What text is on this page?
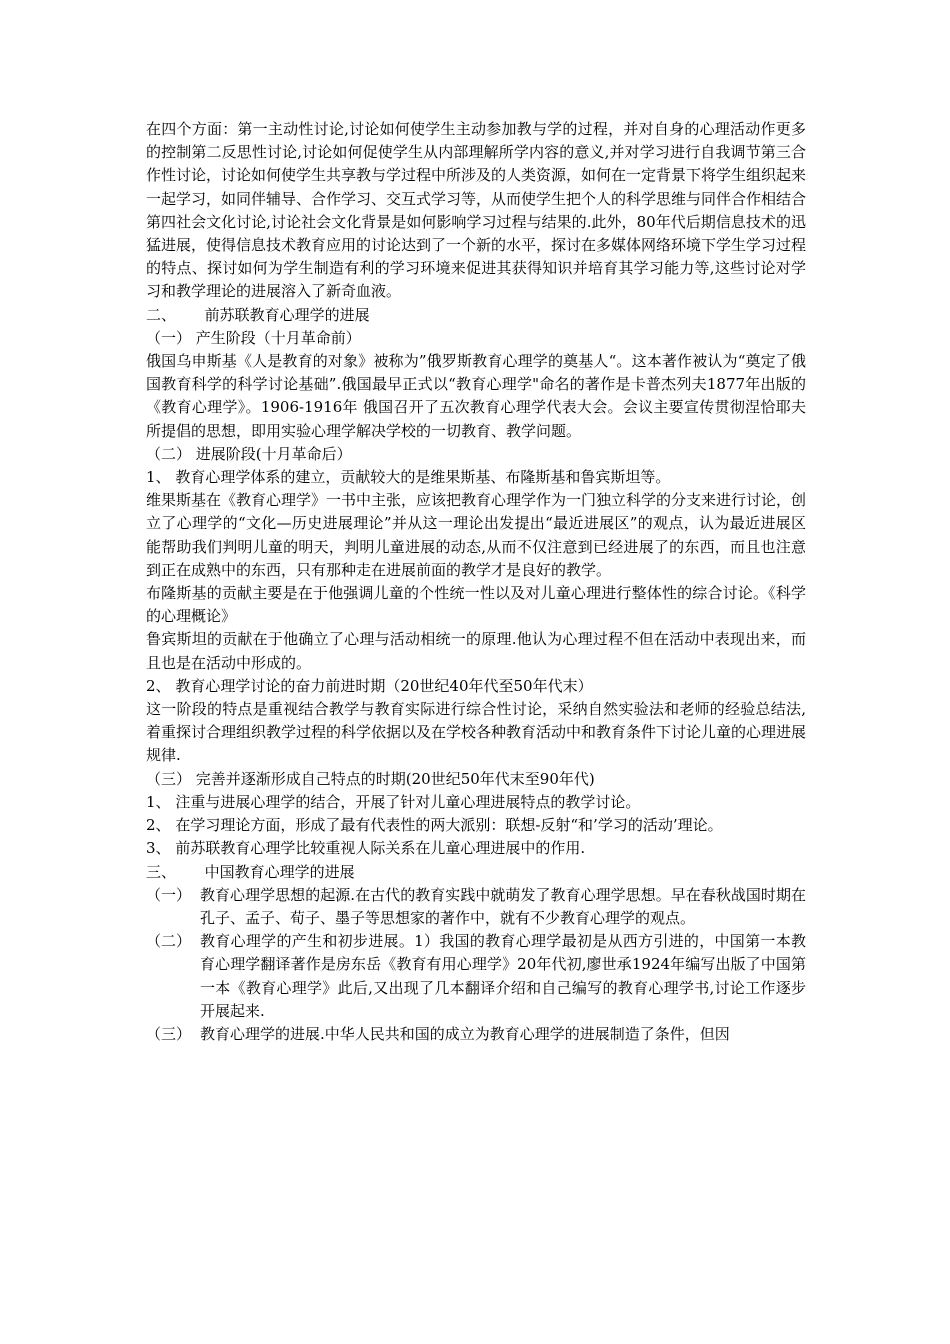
在四个方面：第一主动性讨论,讨论如何使学生主动参加教与学的过程，并对自身的心理活动作更多的控制第二反思性讨论,讨论如何促使学生从内部理解所学内容的意义,并对学习进行自我调节第三合作性讨论，讨论如何使学生共享教与学过程中所涉及的人类资源，如何在一定背景下将学生组织起来一起学习，如同伴辅导、合作学习、交互式学习等，从而使学生把个人的科学思维与同伴合作相结合第四社会文化讨论,讨论社会文化背景是如何影响学习过程与结果的.此外，80年代后期信息技术的迅猛进展，使得信息技术教育应用的讨论达到了一个新的水平，探讨在多媒体网络环境下学生学习过程的特点、探讨如何为学生制造有利的学习环境来促进其获得知识并培育其学习能力等,这些讨论对学习和教学理论的进展溶入了新奇血液。

二、      前苏联教育心理学的进展

（一） 产生阶段（十月革命前）

俄国乌申斯基《人是教育的对象》被称为”俄罗斯教育心理学的奠基人“。这本著作被认为“奠定了俄国教育科学的科学讨论基础”.俄国最早正式以“教育心理学"命名的著作是卡普杰列夫1877年出版的《教育心理学》。1906-1916年 俄国召开了五次教育心理学代表大会。会议主要宣传贯彻涅恰耶夫所提倡的思想，即用实验心理学解决学校的一切教育、教学问题。

（二） 进展阶段(十月革命后）

1、 教育心理学体系的建立，贡献较大的是维果斯基、布隆斯基和鲁宾斯坦等。

维果斯基在《教育心理学》一书中主张，应该把教育心理学作为一门独立科学的分支来进行讨论，创立了心理学的“文化—历史进展理论”并从这一理论出发提出“最近进展区”的观点，认为最近进展区能帮助我们判明儿童的明天，判明儿童进展的动态,从而不仅注意到已经进展了的东西，而且也注意到正在成熟中的东西，只有那种走在进展前面的教学才是良好的教学。

布隆斯基的贡献主要是在于他强调儿童的个性统一性以及对儿童心理进行整体性的综合讨论。《科学的心理概论》

鲁宾斯坦的贡献在于他确立了心理与活动相统一的原理.他认为心理过程不但在活动中表现出来，而且也是在活动中形成的。

2、 教育心理学讨论的奋力前进时期（20世纪40年代至50年代末）

这一阶段的特点是重视结合教学与教育实际进行综合性讨论，采纳自然实验法和老师的经验总结法,着重探讨合理组织教学过程的科学依据以及在学校各种教育活动中和教育条件下讨论儿童的心理进展规律.

（三） 完善并逐渐形成自己特点的时期(20世纪50年代末至90年代)

1、 注重与进展心理学的结合，开展了针对儿童心理进展特点的教学讨论。
2、 在学习理论方面，形成了最有代表性的两大派别：联想-反射“和’学习的活动’理论。
3、 前苏联教育心理学比较重视人际关系在儿童心理进展中的作用.

三、      中国教育心理学的进展

（一） 教育心理学思想的起源.在古代的教育实践中就萌发了教育心理学思想。早在春秋战国时期在孔子、孟子、荀子、墨子等思想家的著作中，就有不少教育心理学的观点。
（二） 教育心理学的产生和初步进展。1）我国的教育心理学最初是从西方引进的，中国第一本教育心理学翻译著作是房东岳《教育有用心理学》20年代初,廖世承1924年编写出版了中国第一本《教育心理学》此后,又出现了几本翻译介绍和自己编写的教育心理学书,讨论工作逐步开展起来.
（三） 教育心理学的进展.中华人民共和国的成立为教育心理学的进展制造了条件，但因
